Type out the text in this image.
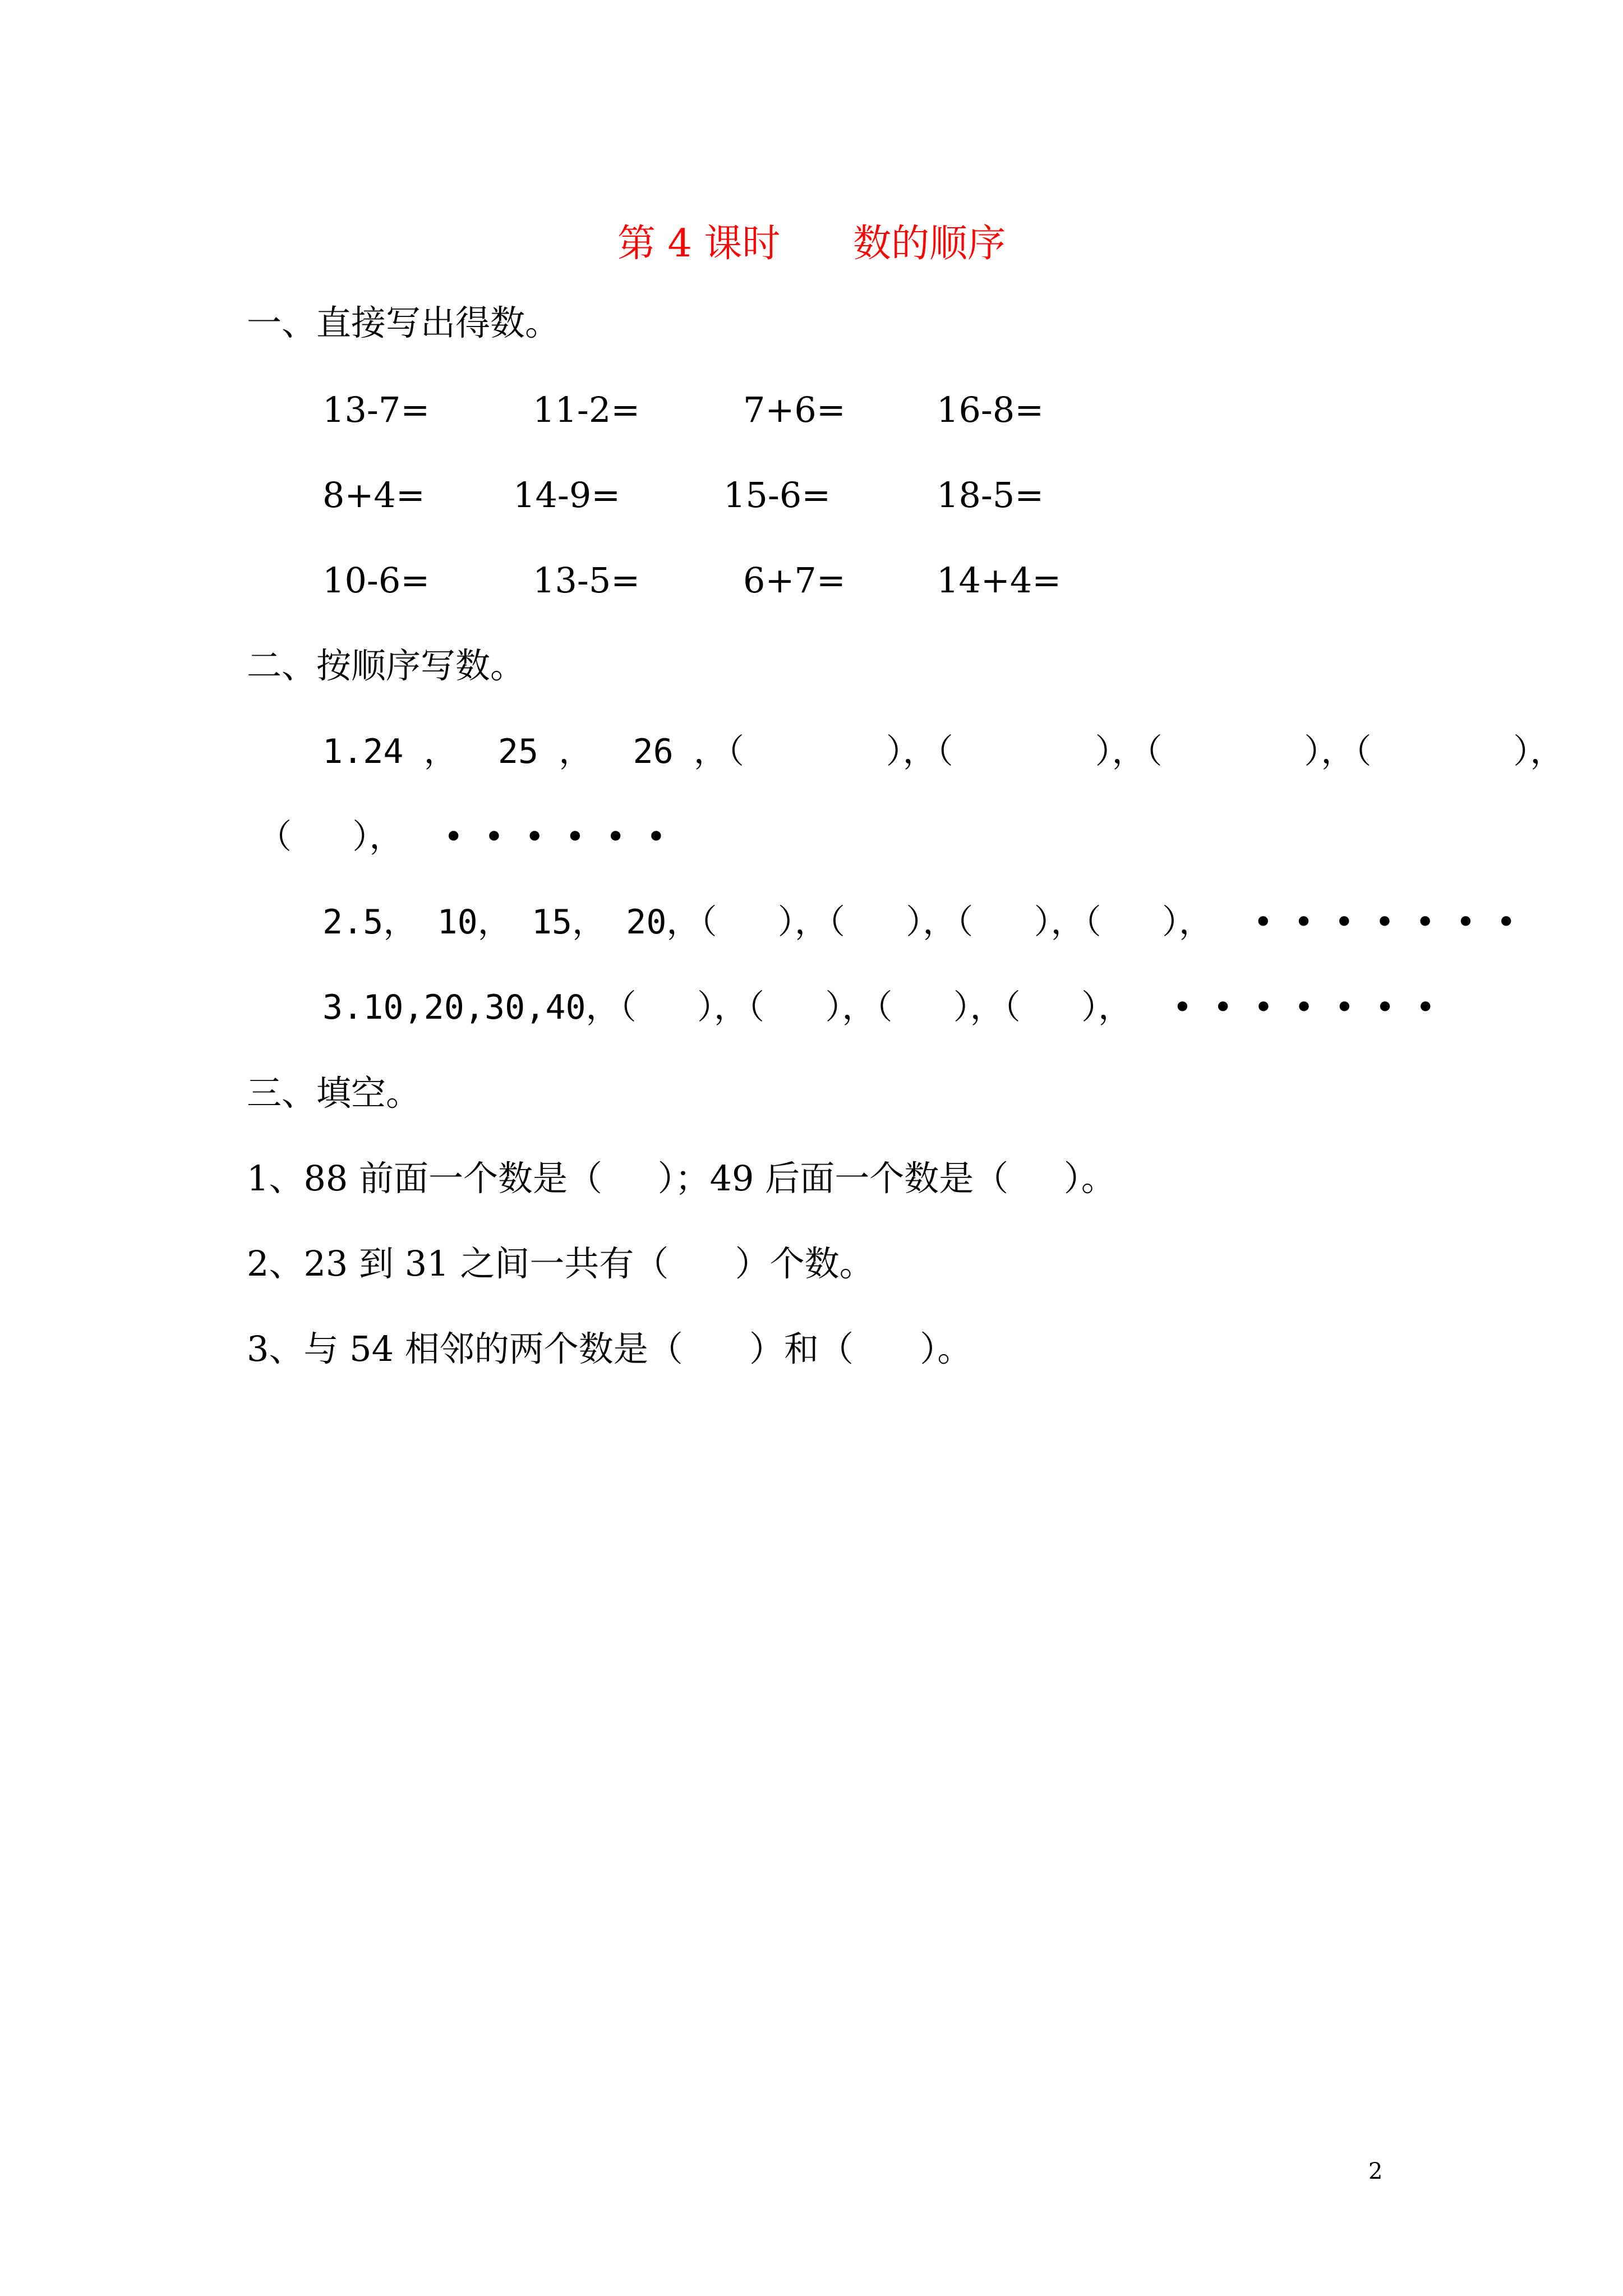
第 4 课时      数的顺序
一、直接写出得数。
13-7=	11-2=	7+6=	16-8=
8+4=	14-9=	15-6=	18-5=
10-6=	13-5=	6+7=	14+4=
二、按顺序写数。
1.24 ，  25 ，  26 ，（       ），（       ），（       ），（       ），
（   ），  • • • • • •
2.5， 10， 15， 20，（   ），（   ），（   ），（   ），  • • • • • • •
3.10,20,30,40，（   ），（   ），（   ），（   ），  • • • • • • •
三、填空。
1、88 前面一个数是（     ）；49 后面一个数是（     ）。
2、23 到 31 之间一共有（      ）个数。
3、与 54 相邻的两个数是（      ）和（      ）。
2
